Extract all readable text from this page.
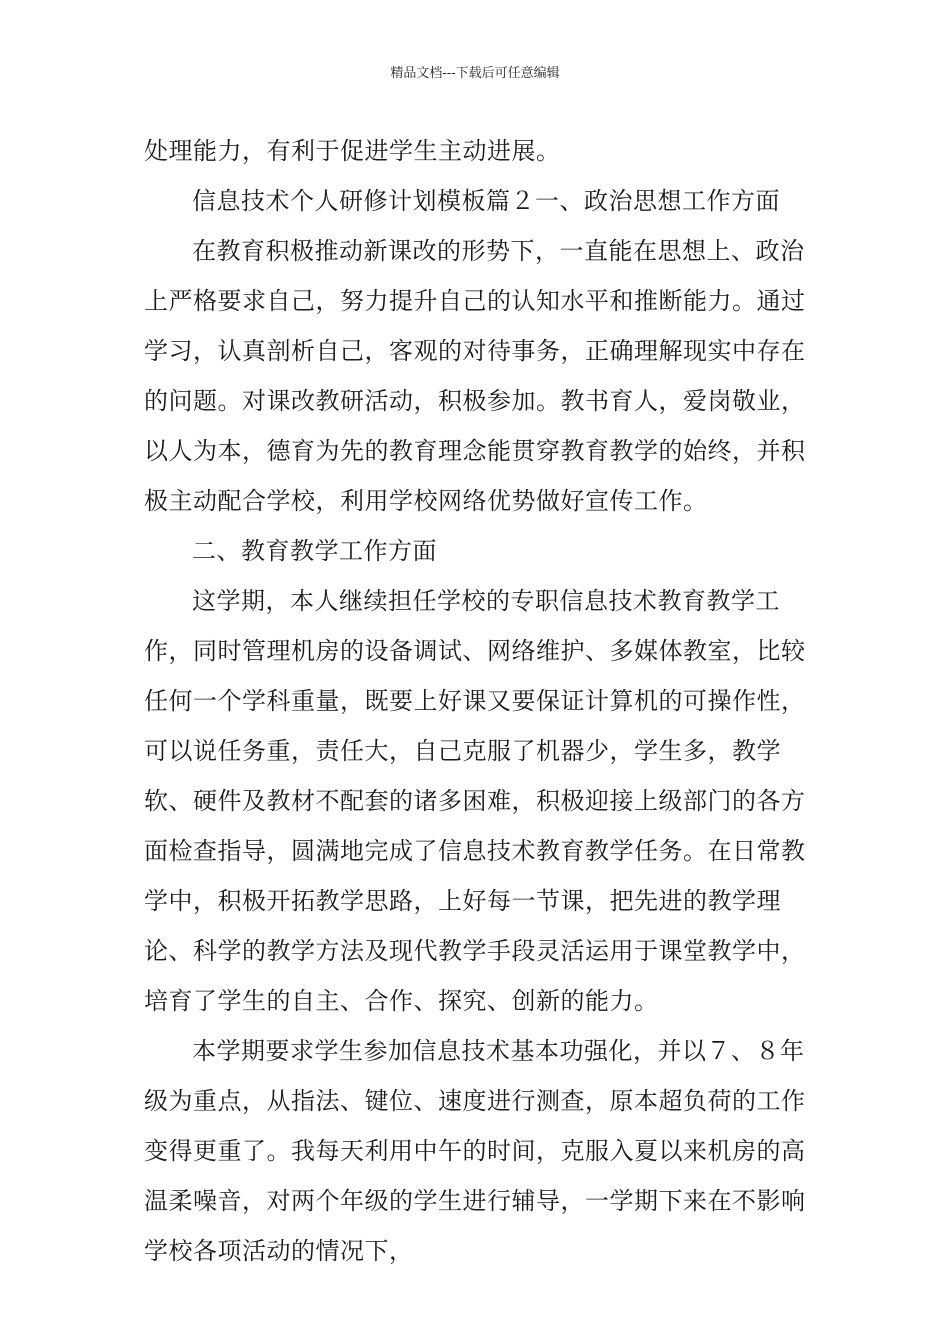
精品文档---下载后可任意编辑

处理能力，有利于促进学生主动进展。

信息技术个人研修计划模板篇２一、政治思想工作方面

在教育积极推动新课改的形势下，一直能在思想上、政治上严格要求自己，努力提升自己的认知水平和推断能力。通过学习，认真剖析自己，客观的对待事务，正确理解现实中存在的问题。对课改教研活动，积极参加。教书育人，爱岗敬业，以人为本，德育为先的教育理念能贯穿教育教学的始终，并积极主动配合学校，利用学校网络优势做好宣传工作。

二、教育教学工作方面

这学期，本人继续担任学校的专职信息技术教育教学工作，同时管理机房的设备调试、网络维护、多媒体教室，比较任何一个学科重量，既要上好课又要保证计算机的可操作性，可以说任务重，责任大，自己克服了机器少，学生多，教学软、硬件及教材不配套的诸多困难，积极迎接上级部门的各方面检查指导，圆满地完成了信息技术教育教学任务。在日常教学中，积极开拓教学思路，上好每一节课，把先进的教学理论、科学的教学方法及现代教学手段灵活运用于课堂教学中，培育了学生的自主、合作、探究、创新的能力。

本学期要求学生参加信息技术基本功强化，并以７、８年级为重点，从指法、键位、速度进行测查，原本超负荷的工作变得更重了。我每天利用中午的时间，克服入夏以来机房的高温柔噪音，对两个年级的学生进行辅导，一学期下来在不影响学校各项活动的情况下，
